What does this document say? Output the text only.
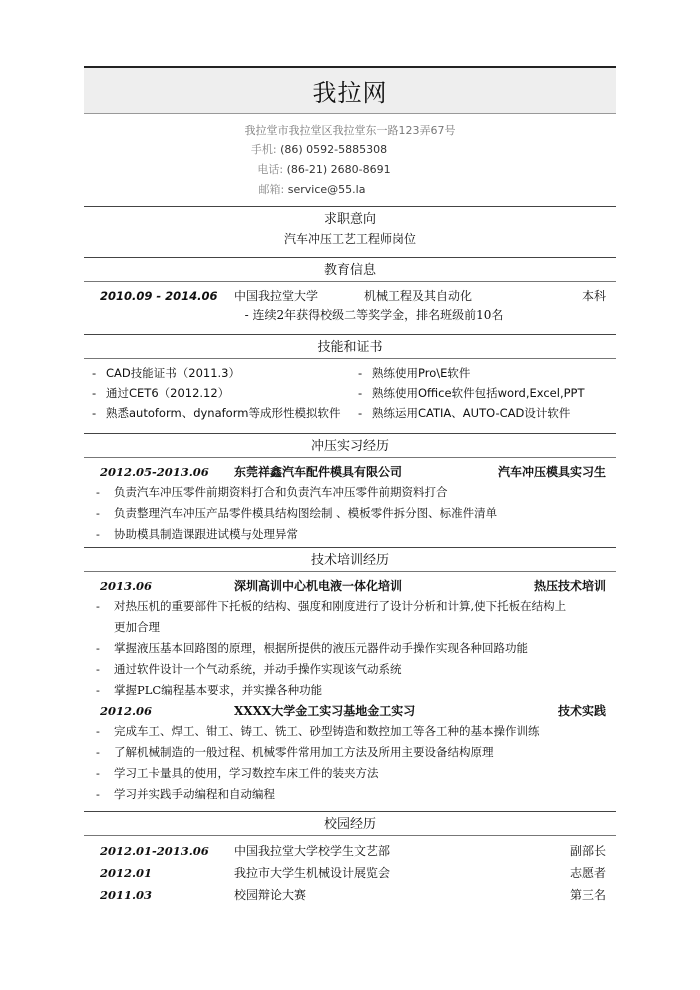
我拉网
我拉堂市我拉堂区我拉堂东一路123弄67号
手机: (86) 0592-5885308
电话: (86-21) 2680-8691
邮箱: service@55.la
求职意向
汽车冲压工艺工程师岗位
教育信息
2010.09 - 2014.06	中国我拉堂大学	机械工程及其自动化	本科
- 连续2年获得校级二等奖学金，排名班级前10名
技能和证书
- CAD技能证书（2011.3）
- 通过CET6（2012.12）
- 熟悉autoform、dynaform等成形性模拟软件
- 熟练使用Pro\E软件
- 熟练使用Office软件包括word,Excel,PPT
- 熟练运用CATIA、AUTO-CAD设计软件
冲压实习经历
2012.05-2013.06	东莞祥鑫汽车配件模具有限公司	汽车冲压模具实习生
- 负责汽车冲压零件前期资料打合和负责汽车冲压零件前期资料打合
- 负责整理汽车冲压产品零件模具结构图绘制 、模板零件拆分图、标准件清单
- 协助模具制造课跟进试模与处理异常
技术培训经历
2013.06	深圳高训中心机电液一体化培训	热压技术培训
- 对热压机的重要部件下托板的结构、强度和刚度进行了设计分析和计算,使下托板在结构上
更加合理
- 掌握液压基本回路图的原理，根据所提供的液压元器件动手操作实现各种回路功能
- 通过软件设计一个气动系统，并动手操作实现该气动系统
- 掌握PLC编程基本要求，并实操各种功能
2012.06	XXXX大学金工实习基地金工实习	技术实践
- 完成车工、焊工、钳工、铸工、铣工、砂型铸造和数控加工等各工种的基本操作训练
- 了解机械制造的一般过程、机械零件常用加工方法及所用主要设备结构原理
- 学习工卡量具的使用，学习数控车床工件的装夹方法
- 学习并实践手动编程和自动编程
校园经历
2012.01-2013.06	中国我拉堂大学校学生文艺部	副部长
2012.01	我拉市大学生机械设计展览会	志愿者
2011.03	校园辩论大赛	第三名
